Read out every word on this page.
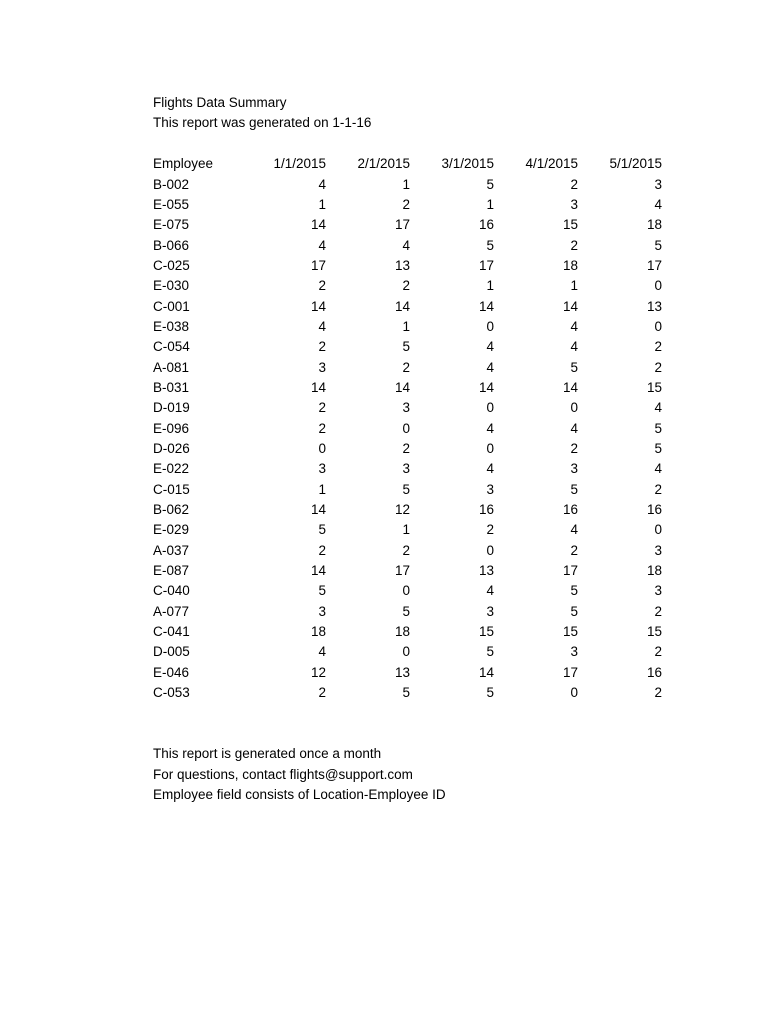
Flights Data Summary
This report was generated on 1-1-16
Employee	1/1/2015	2/1/2015	3/1/2015	4/1/2015	5/1/2015
B-002	4	1	5	2	3
E-055	1	2	1	3	4
E-075	14	17	16	15	18
B-066	4	4	5	2	5
C-025	17	13	17	18	17
E-030	2	2	1	1	0
C-001	14	14	14	14	13
E-038	4	1	0	4	0
C-054	2	5	4	4	2
A-081	3	2	4	5	2
B-031	14	14	14	14	15
D-019	2	3	0	0	4
E-096	2	0	4	4	5
D-026	0	2	0	2	5
E-022	3	3	4	3	4
C-015	1	5	3	5	2
B-062	14	12	16	16	16
E-029	5	1	2	4	0
A-037	2	2	0	2	3
E-087	14	17	13	17	18
C-040	5	0	4	5	3
A-077	3	5	3	5	2
C-041	18	18	15	15	15
D-005	4	0	5	3	2
E-046	12	13	14	17	16
C-053	2	5	5	0	2
This report is generated once a month
For questions, contact flights@support.com
Employee field consists of Location-Employee ID
